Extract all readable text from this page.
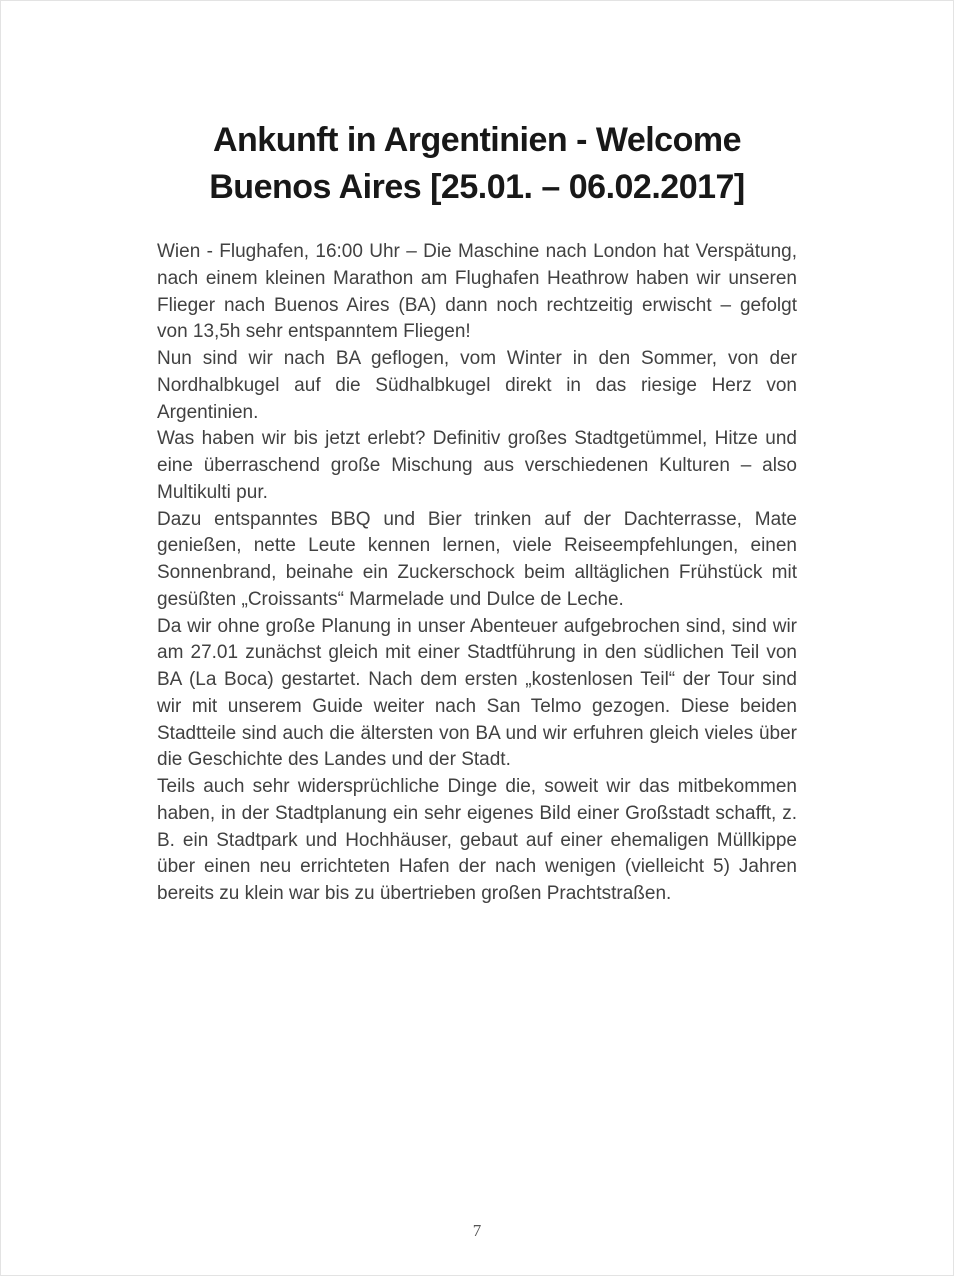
Ankunft in Argentinien - Welcome
Buenos Aires [25.01. – 06.02.2017]

Wien - Flughafen, 16:00 Uhr – Die Maschine nach London hat Verspätung, nach einem kleinen Marathon am Flughafen Heathrow haben wir unseren Flieger nach Buenos Aires (BA) dann noch rechtzeitig erwischt – gefolgt von 13,5h sehr entspanntem Fliegen!

Nun sind wir nach BA geflogen, vom Winter in den Sommer, von der Nordhalbkugel auf die Südhalbkugel direkt in das riesige Herz von Argentinien.

Was haben wir bis jetzt erlebt? Definitiv großes Stadtgetümmel, Hitze und eine überraschend große Mischung aus verschiedenen Kulturen – also Multikulti pur.

Dazu entspanntes BBQ und Bier trinken auf der Dachterrasse, Mate genießen, nette Leute kennen lernen, viele Reiseempfehlungen, einen Sonnenbrand, beinahe ein Zuckerschock beim alltäglichen Frühstück mit gesüßten „Croissants“ Marmelade und Dulce de Leche.

Da wir ohne große Planung in unser Abenteuer aufgebrochen sind, sind wir am 27.01 zunächst gleich mit einer Stadtführung in den südlichen Teil von BA (La Boca) gestartet. Nach dem ersten „kostenlosen Teil“ der Tour sind wir mit unserem Guide weiter nach San Telmo gezogen. Diese beiden Stadtteile sind auch die ältersten von BA und wir erfuhren gleich vieles über die Geschichte des Landes und der Stadt.

Teils auch sehr widersprüchliche Dinge die, soweit wir das mitbekommen haben, in der Stadtplanung ein sehr eigenes Bild einer Großstadt schafft, z. B. ein Stadtpark und Hochhäuser, gebaut auf einer ehemaligen Müllkippe über einen neu errichteten Hafen der nach wenigen (vielleicht 5) Jahren bereits zu klein war bis zu übertrieben großen Prachtstraßen.

7
